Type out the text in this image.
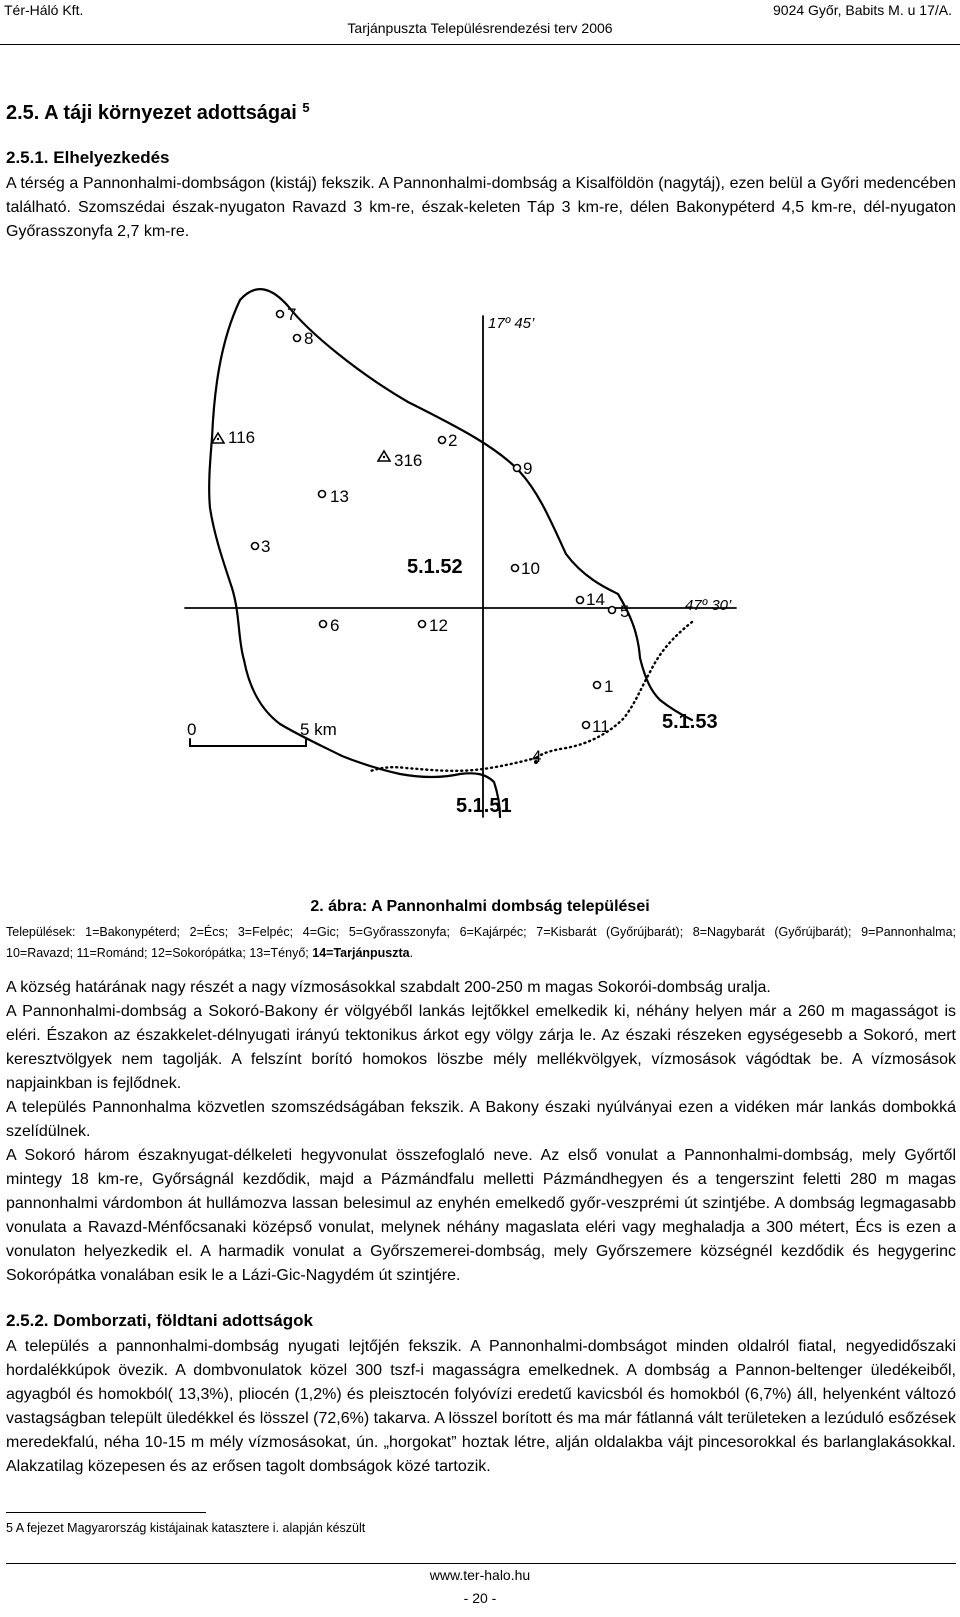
Tér-Háló Kft.
Tarjánpuszta Településrendezési terv 2006
9024 Győr, Babits M. u 17/A.
2.5. A táji környezet adottságai $^5$
2.5.1. Elhelyezkedés

A térség a Pannonhalmi-dombságon (kistáj) fekszik. A Pannonhalmi-dombság a Kisalföldön (nagytáj), ezen belül a Győri medencében található. Szomszédai észak-nyugaton Ravazd 3 km-re, észak-keleten Táp 3 km-re, délen Bakonypéterd 4,5 km-re, dél-nyugaton Győrasszonyfa 2,7 km-re.

7
8
116
316
2
9
13
3
10
14
5
6	12
1
11
4
0	5 km
17º 45’
47º 30’
5.1.52
5.1.53
5.1.51
2. ábra: A Pannonhalmi dombság települései
Települések: 1=Bakonypéterd; 2=Écs; 3=Felpéc; 4=Gic; 5=Győrasszonyfa; 6=Kajárpéc; 7=Kisbarát (Győrújbarát); 8=Nagybarát (Győrújbarát); 9=Pannonhalma; 10=Ravazd; 11=Románd; 12=Sokorópátka; 13=Tényő; 14=Tarjánpuszta.

A község határának nagy részét a nagy vízmosásokkal szabdalt 200-250 m magas Sokorói-dombság uralja.

A Pannonhalmi-dombság a Sokoró-Bakony ér völgyéből lankás lejtőkkel emelkedik ki, néhány helyen már a 260 m magasságot is eléri. Északon az északkelet-délnyugati irányú tektonikus árkot egy völgy zárja le. Az északi részeken egységesebb a Sokoró, mert keresztvölgyek nem tagolják. A felszínt borító homokos löszbe mély mellékvölgyek, vízmosások vágódtak be. A vízmosások napjainkban is fejlődnek.

A település Pannonhalma közvetlen szomszédságában fekszik. A Bakony északi nyúlványai ezen a vidéken már lankás dombokká szelídülnek.

A Sokoró három északnyugat-délkeleti hegyvonulat összefoglaló neve. Az első vonulat a Pannonhalmi-dombság, mely Győrtől mintegy 18 km-re, Győrságnál kezdődik, majd a Pázmándfalu melletti Pázmándhegyen és a tengerszint feletti 280 m magas pannonhalmi várdombon át hullámozva lassan belesimul az enyhén emelkedő győr-veszprémi út szintjébe. A dombság legmagasabb vonulata a Ravazd-Ménfőcsanaki középső vonulat, melynek néhány magaslata eléri vagy meghaladja a 300 métert, Écs is ezen a vonulaton helyezkedik el. A harmadik vonulat a Győrszemerei-dombság, mely Győrszemere községnél kezdődik és hegygerinc Sokorópátka vonalában esik le a Lázi-Gic-Nagydém út szintjére.

2.5.2. Domborzati, földtani adottságok

A település a pannonhalmi-dombság nyugati lejtőjén fekszik. A Pannonhalmi-dombságot minden oldalról fiatal, negyedidőszaki hordalékkúpok övezik. A dombvonulatok közel 300 tszf-i magasságra emelkednek. A dombság a Pannon-beltenger üledékeiből, agyagból és homokból( 13,3%), pliocén (1,2%) és pleisztocén folyóvízi eredetű kavicsból és homokból (6,7%) áll, helyenként változó vastagságban települt üledékkel és lösszel (72,6%) takarva. A lösszel borított és ma már fátlanná vált területeken a lezúduló esőzések meredekfalú, néha 10-15 m mély vízmosásokat, ún. „horgokat” hoztak létre, alján oldalakba vájt pincesorokkal és barlanglakásokkal. Alakzatilag közepesen és az erősen tagolt dombságok közé tartozik.

5 A fejezet Magyarország kistájainak katasztere i. alapján készült
www.ter-halo.hu
- 20 -
